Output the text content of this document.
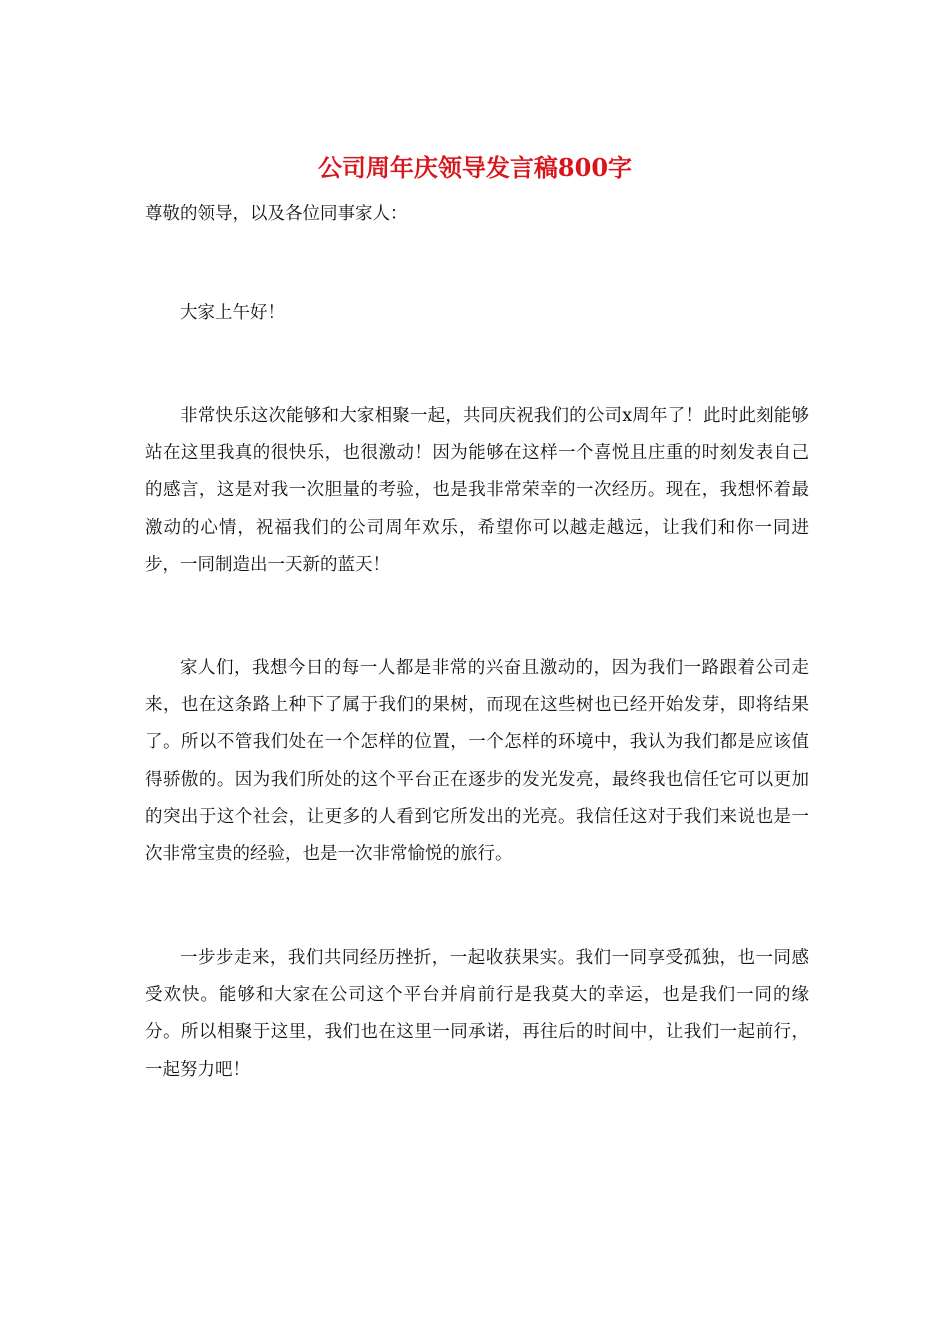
公司周年庆领导发言稿800字

尊敬的领导，以及各位同事家人：

大家上午好！

非常快乐这次能够和大家相聚一起，共同庆祝我们的公司x周年了！此时此刻能够站在这里我真的很快乐，也很激动！因为能够在这样一个喜悦且庄重的时刻发表自己的感言，这是对我一次胆量的考验，也是我非常荣幸的一次经历。现在，我想怀着最激动的心情，祝福我们的公司周年欢乐，希望你可以越走越远，让我们和你一同进步，一同制造出一天新的蓝天！

家人们，我想今日的每一人都是非常的兴奋且激动的，因为我们一路跟着公司走来，也在这条路上种下了属于我们的果树，而现在这些树也已经开始发芽，即将结果了。所以不管我们处在一个怎样的位置，一个怎样的环境中，我认为我们都是应该值得骄傲的。因为我们所处的这个平台正在逐步的发光发亮，最终我也信任它可以更加的突出于这个社会，让更多的人看到它所发出的光亮。我信任这对于我们来说也是一次非常宝贵的经验，也是一次非常愉悦的旅行。

一步步走来，我们共同经历挫折，一起收获果实。我们一同享受孤独，也一同感受欢快。能够和大家在公司这个平台并肩前行是我莫大的幸运，也是我们一同的缘分。所以相聚于这里，我们也在这里一同承诺，再往后的时间中，让我们一起前行，一起努力吧！
